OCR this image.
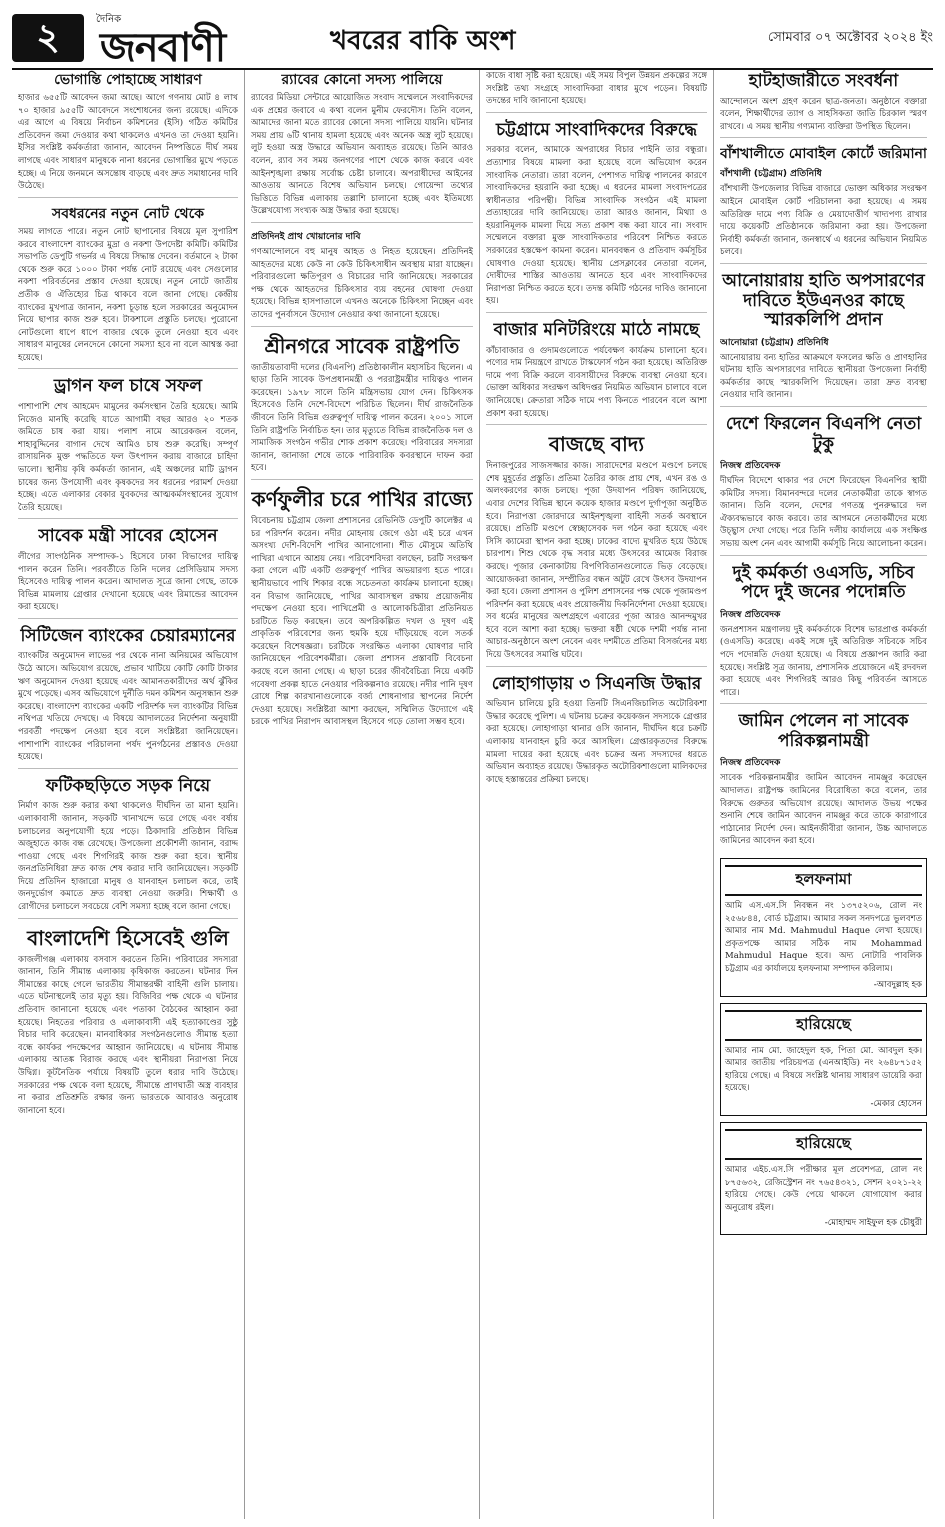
২	দৈনিক
জনবাণী	খবরের বাকি অংশ	সোমবার ০৭ অক্টোবর ২০২৪ ইং
ভোগান্তি পোহাচ্ছে সাধারণ

হাজার ৬৫৫টি আবেদন জমা আছে। আগে গণনায় মোট ৪ লাখ ৭০ হাজার ৯৫৫টি আবেদনে সংশোধনের জন্য রয়েছে। এদিকে এর আগে এ বিষয়ে নির্বাচন কমিশনের (ইসি) গঠিত কমিটির প্রতিবেদন জমা দেওয়ার কথা থাকলেও এখনও তা দেওয়া হয়নি। ইসির সংশ্লিষ্ট কর্মকর্তারা জানান, আবেদন নিষ্পত্তিতে দীর্ঘ সময় লাগছে এবং সাধারণ মানুষকে নানা ধরনের ভোগান্তির মুখে পড়তে হচ্ছে। এ নিয়ে জনমনে অসন্তোষ বাড়ছে এবং দ্রুত সমাধানের দাবি উঠেছে।

সবধরনের নতুন নোট থেকে

সময় লাগতে পারে। নতুন নোট ছাপানোর বিষয়ে মূল সুপারিশ করবে বাংলাদেশ ব্যাংকের মুদ্রা ও নকশা উপদেষ্টা কমিটি। কমিটির সভাপতি ডেপুটি গভর্নর এ বিষয়ে সিদ্ধান্ত দেবেন। বর্তমানে ২ টাকা থেকে শুরু করে ১০০০ টাকা পর্যন্ত নোট রয়েছে এবং সেগুলোর নকশা পরিবর্তনের প্রস্তাব দেওয়া হয়েছে। নতুন নোটে জাতীয় প্রতীক ও ঐতিহ্যের চিত্র থাকবে বলে জানা গেছে। কেন্দ্রীয় ব্যাংকের মুখপাত্র জানান, নকশা চূড়ান্ত হলে সরকারের অনুমোদন নিয়ে ছাপার কাজ শুরু হবে। টাকশালে প্রস্তুতি চলছে। পুরোনো নোটগুলো ধাপে ধাপে বাজার থেকে তুলে নেওয়া হবে এবং সাধারণ মানুষের লেনদেনে কোনো সমস্যা হবে না বলে আশ্বস্ত করা হয়েছে।

ড্রাগন ফল চাষে সফল

পাশাপাশি শেখ আহমেদ মামুনের কর্মসংস্থান তৈরি হয়েছে। আমি নিজেও মানছি করেছি যাতে আগামী বছর আরও ২০ শতক জমিতে চাষ করা যায়। পলাশ নামে আরেকজন বলেন, শাহাবুদ্দিনের বাগান দেখে আমিও চাষ শুরু করেছি। সম্পূর্ণ রাসায়নিক মুক্ত পদ্ধতিতে ফল উৎপাদন করায় বাজারে চাহিদা ভালো। স্থানীয় কৃষি কর্মকর্তা জানান, এই অঞ্চলের মাটি ড্রাগন চাষের জন্য উপযোগী এবং কৃষকদের সব ধরনের পরামর্শ দেওয়া হচ্ছে। এতে এলাকার বেকার যুবকদের আত্মকর্মসংস্থানের সুযোগ তৈরি হয়েছে।

সাবেক মন্ত্রী সাবের হোসেন

লীগের সাংগঠনিক সম্পাদক-১ হিসেবে ঢাকা বিভাগের দায়িত্ব পালন করেন তিনি। পরবর্তীতে তিনি দলের প্রেসিডিয়াম সদস্য হিসেবেও দায়িত্ব পালন করেন। আদালত সূত্রে জানা গেছে, তাকে বিভিন্ন মামলায় গ্রেপ্তার দেখানো হয়েছে এবং রিমান্ডের আবেদন করা হয়েছে।

সিটিজেন ব্যাংকের চেয়ারম্যানের

ব্যাংকটির অনুমোদন লাভের পর থেকে নানা অনিয়মের অভিযোগ উঠে আসে। অভিযোগ রয়েছে, প্রভাব খাটিয়ে কোটি কোটি টাকার ঋণ অনুমোদন দেওয়া হয়েছে এবং আমানতকারীদের অর্থ ঝুঁকির মুখে পড়েছে। এসব অভিযোগে দুর্নীতি দমন কমিশন অনুসন্ধান শুরু করেছে। বাংলাদেশ ব্যাংকের একটি পরিদর্শক দল ব্যাংকটির বিভিন্ন নথিপত্র খতিয়ে দেখছে। এ বিষয়ে আদালতের নির্দেশনা অনুযায়ী পরবর্তী পদক্ষেপ নেওয়া হবে বলে সংশ্লিষ্টরা জানিয়েছেন। পাশাপাশি ব্যাংকের পরিচালনা পর্ষদ পুনর্গঠনের প্রস্তাবও দেওয়া হয়েছে।

ফটিকছড়িতে সড়ক নিয়ে

নির্মাণ কাজ শুরু করার কথা থাকলেও দীর্ঘদিন তা মানা হয়নি। এলাকাবাসী জানান, সড়কটি খানাখন্দে ভরে গেছে এবং বর্ষায় চলাচলের অনুপযোগী হয়ে পড়ে। ঠিকাদারি প্রতিষ্ঠান বিভিন্ন অজুহাতে কাজ বন্ধ রেখেছে। উপজেলা প্রকৌশলী জানান, বরাদ্দ পাওয়া গেছে এবং শিগগিরই কাজ শুরু করা হবে। স্থানীয় জনপ্রতিনিধিরা দ্রুত কাজ শেষ করার দাবি জানিয়েছেন। সড়কটি দিয়ে প্রতিদিন হাজারো মানুষ ও যানবাহন চলাচল করে, তাই জনদুর্ভোগ কমাতে দ্রুত ব্যবস্থা নেওয়া জরুরি। শিক্ষার্থী ও রোগীদের চলাচলে সবচেয়ে বেশি সমস্যা হচ্ছে বলে জানা গেছে।

বাংলাদেশি হিসেবেই গুলি

কাজলীগঞ্জ এলাকায় বসবাস করতেন তিনি। পরিবারের সদস্যরা জানান, তিনি সীমান্ত এলাকায় কৃষিকাজ করতেন। ঘটনার দিন সীমান্তের কাছে গেলে ভারতীয় সীমান্তরক্ষী বাহিনী গুলি চালায়। এতে ঘটনাস্থলেই তার মৃত্যু হয়। বিজিবির পক্ষ থেকে এ ঘটনার প্রতিবাদ জানানো হয়েছে এবং পতাকা বৈঠকের আহ্বান করা হয়েছে। নিহতের পরিবার ও এলাকাবাসী এই হত্যাকাণ্ডের সুষ্ঠু বিচার দাবি করেছেন। মানবাধিকার সংগঠনগুলোও সীমান্ত হত্যা বন্ধে কার্যকর পদক্ষেপের আহ্বান জানিয়েছে। এ ঘটনায় সীমান্ত এলাকায় আতঙ্ক বিরাজ করছে এবং স্থানীয়রা নিরাপত্তা নিয়ে উদ্বিগ্ন। কূটনৈতিক পর্যায়ে বিষয়টি তুলে ধরার দাবি উঠেছে। সরকারের পক্ষ থেকে বলা হয়েছে, সীমান্তে প্রাণঘাতী অস্ত্র ব্যবহার না করার প্রতিশ্রুতি রক্ষার জন্য ভারতকে আবারও অনুরোধ জানানো হবে।

র‍্যাবের কোনো সদস্য পালিয়ে

র‍্যাবের মিডিয়া সেন্টারে আয়োজিত সংবাদ সম্মেলনে সংবাদিকদের এক প্রশ্নের জবাবে এ কথা বলেন মুনীম ফেরদৌস। তিনি বলেন, আমাদের জানা মতে র‍্যাবের কোনো সদস্য পালিয়ে যায়নি। ঘটনার সময় প্রায় ৬টি থানায় হামলা হয়েছে এবং অনেক অস্ত্র লুট হয়েছে। লুট হওয়া অস্ত্র উদ্ধারে অভিযান অব্যাহত রয়েছে। তিনি আরও বলেন, র‍্যাব সব সময় জনগণের পাশে থেকে কাজ করবে এবং আইনশৃঙ্খলা রক্ষায় সর্বোচ্চ চেষ্টা চালাবে। অপরাধীদের আইনের আওতায় আনতে বিশেষ অভিযান চলছে। গোয়েন্দা তথ্যের ভিত্তিতে বিভিন্ন এলাকায় তল্লাশি চালানো হচ্ছে এবং ইতিমধ্যে উল্লেখযোগ্য সংখ্যক অস্ত্র উদ্ধার করা হয়েছে।

প্রতিদিনই প্রাথ খোয়ানোর দাবি

গণআন্দোলনে বহু মানুষ আহত ও নিহত হয়েছেন। প্রতিদিনই আহতদের মধ্যে কেউ না কেউ চিকিৎসাধীন অবস্থায় মারা যাচ্ছেন। পরিবারগুলো ক্ষতিপূরণ ও বিচারের দাবি জানিয়েছে। সরকারের পক্ষ থেকে আহতদের চিকিৎসার ব্যয় বহনের ঘোষণা দেওয়া হয়েছে। বিভিন্ন হাসপাতালে এখনও অনেকে চিকিৎসা নিচ্ছেন এবং তাদের পুনর্বাসনে উদ্যোগ নেওয়ার কথা জানানো হয়েছে।

শ্রীনগরে সাবেক রাষ্ট্রপতি

জাতীয়তাবাদী দলের (বিএনপি) প্রতিষ্ঠাকালীন মহাসচিব ছিলেন। এ ছাড়া তিনি সাবেক উপপ্রধানমন্ত্রী ও পররাষ্ট্রমন্ত্রীর দায়িত্বও পালন করেছেন। ১৯৭৮ সালে তিনি মন্ত্রিসভায় যোগ দেন। চিকিৎসক হিসেবেও তিনি দেশে-বিদেশে পরিচিত ছিলেন। দীর্ঘ রাজনৈতিক জীবনে তিনি বিভিন্ন গুরুত্বপূর্ণ দায়িত্ব পালন করেন। ২০০১ সালে তিনি রাষ্ট্রপতি নির্বাচিত হন। তার মৃত্যুতে বিভিন্ন রাজনৈতিক দল ও সামাজিক সংগঠন গভীর শোক প্রকাশ করেছে। পরিবারের সদস্যরা জানান, জানাজা শেষে তাকে পারিবারিক কবরস্থানে দাফন করা হবে।

কর্ণফুলীর চরে পাখির রাজ্যে

বিবেচনায় চট্টগ্রাম জেলা প্রশাসনের রেভিনিউ ডেপুটি কালেক্টর এ চর পরিদর্শন করেন। নদীর মোহনায় জেগে ওঠা এই চরে এখন অসংখ্য দেশি-বিদেশি পাখির আনাগোনা। শীত মৌসুমে অতিথি পাখিরা এখানে আশ্রয় নেয়। পরিবেশবিদরা বলছেন, চরটি সংরক্ষণ করা গেলে এটি একটি গুরুত্বপূর্ণ পাখির অভয়ারণ্য হতে পারে। স্থানীয়ভাবে পাখি শিকার বন্ধে সচেতনতা কার্যক্রম চালানো হচ্ছে। বন বিভাগ জানিয়েছে, পাখির আবাসস্থল রক্ষায় প্রয়োজনীয় পদক্ষেপ নেওয়া হবে। পাখিপ্রেমী ও আলোকচিত্রীরা প্রতিনিয়ত চরটিতে ভিড় করছেন। তবে অপরিকল্পিত দখল ও দূষণ এই প্রাকৃতিক পরিবেশের জন্য হুমকি হয়ে দাঁড়িয়েছে বলে সতর্ক করেছেন বিশেষজ্ঞরা। চরটিকে সংরক্ষিত এলাকা ঘোষণার দাবি জানিয়েছেন পরিবেশকর্মীরা। জেলা প্রশাসন প্রস্তাবটি বিবেচনা করছে বলে জানা গেছে। এ ছাড়া চরের জীববৈচিত্র্য নিয়ে একটি গবেষণা প্রকল্প হাতে নেওয়ার পরিকল্পনাও রয়েছে। নদীর পানি দূষণ রোধে শিল্প কারখানাগুলোকে বর্জ্য শোধনাগার স্থাপনের নির্দেশ দেওয়া হয়েছে। সংশ্লিষ্টরা আশা করছেন, সম্মিলিত উদ্যোগে এই চরকে পাখির নিরাপদ আবাসস্থল হিসেবে গড়ে তোলা সম্ভব হবে।

কাজে বাধা সৃষ্টি করা হয়েছে। এই সময় বিপুল উন্নয়ন প্রকল্পের সঙ্গে সংশ্লিষ্ট তথ্য সংগ্রহে সাংবাদিকরা বাধার মুখে পড়েন। বিষয়টি তদন্তের দাবি জানানো হয়েছে।

চট্টগ্রামে সাংবাদিকদের বিরুদ্ধে

সরকার বলেন, আমাকে অপরাধের বিচার পাইনি তার বন্ধুরা। প্রত্যাশার বিষয়ে মামলা করা হয়েছে বলে অভিযোগ করেন সাংবাদিক নেতারা। তারা বলেন, পেশাগত দায়িত্ব পালনের কারণে সাংবাদিকদের হয়রানি করা হচ্ছে। এ ধরনের মামলা সংবাদপত্রের স্বাধীনতার পরিপন্থী। বিভিন্ন সাংবাদিক সংগঠন এই মামলা প্রত্যাহারের দাবি জানিয়েছে। তারা আরও জানান, মিথ্যা ও হয়রানিমূলক মামলা দিয়ে সত্য প্রকাশ বন্ধ করা যাবে না। সংবাদ সম্মেলনে বক্তারা মুক্ত সাংবাদিকতার পরিবেশ নিশ্চিত করতে সরকারের হস্তক্ষেপ কামনা করেন। মানববন্ধন ও প্রতিবাদ কর্মসূচির ঘোষণাও দেওয়া হয়েছে। স্থানীয় প্রেসক্লাবের নেতারা বলেন, দোষীদের শাস্তির আওতায় আনতে হবে এবং সাংবাদিকদের নিরাপত্তা নিশ্চিত করতে হবে। তদন্ত কমিটি গঠনের দাবিও জানানো হয়।

বাজার মনিটরিংয়ে মাঠে নামছে

কাঁচাবাজার ও গুদামগুলোতে পর্যবেক্ষণ কার্যক্রম চালানো হবে। পণ্যের দাম নিয়ন্ত্রণে রাখতে টাস্কফোর্স গঠন করা হয়েছে। অতিরিক্ত দামে পণ্য বিক্রি করলে ব্যবসায়ীদের বিরুদ্ধে ব্যবস্থা নেওয়া হবে। ভোক্তা অধিকার সংরক্ষণ অধিদপ্তর নিয়মিত অভিযান চালাবে বলে জানিয়েছে। ক্রেতারা সঠিক দামে পণ্য কিনতে পারবেন বলে আশা প্রকাশ করা হয়েছে।

বাজছে বাদ্য

দিনাজপুরের সাজসজ্জার কাজ। সারাদেশের মণ্ডপে মণ্ডপে চলছে শেষ মুহূর্তের প্রস্তুতি। প্রতিমা তৈরির কাজ প্রায় শেষ, এখন রঙ ও অলংকরণের কাজ চলছে। পূজা উদযাপন পরিষদ জানিয়েছে, এবার দেশের বিভিন্ন স্থানে কয়েক হাজার মণ্ডপে দুর্গাপূজা অনুষ্ঠিত হবে। নিরাপত্তা জোরদারে আইনশৃঙ্খলা বাহিনী সতর্ক অবস্থানে রয়েছে। প্রতিটি মণ্ডপে স্বেচ্ছাসেবক দল গঠন করা হয়েছে এবং সিসি ক্যামেরা স্থাপন করা হচ্ছে। ঢাকের বাদ্যে মুখরিত হয়ে উঠছে চারপাশ। শিশু থেকে বৃদ্ধ সবার মধ্যে উৎসবের আমেজ বিরাজ করছে। পূজার কেনাকাটায় বিপণিবিতানগুলোতে ভিড় বেড়েছে। আয়োজকরা জানান, সম্প্রীতির বন্ধন অটুট রেখে উৎসব উদযাপন করা হবে। জেলা প্রশাসন ও পুলিশ প্রশাসনের পক্ষ থেকে পূজামণ্ডপ পরিদর্শন করা হয়েছে এবং প্রয়োজনীয় দিকনির্দেশনা দেওয়া হয়েছে। সব ধর্মের মানুষের অংশগ্রহণে এবারের পূজা আরও আনন্দমুখর হবে বলে আশা করা হচ্ছে। ভক্তরা ষষ্ঠী থেকে দশমী পর্যন্ত নানা আচার-অনুষ্ঠানে অংশ নেবেন এবং দশমীতে প্রতিমা বিসর্জনের মধ্য দিয়ে উৎসবের সমাপ্তি ঘটবে।

লোহাগাড়ায় ৩ সিএনজি উদ্ধার

অভিযান চালিয়ে চুরি হওয়া তিনটি সিএনজিচালিত অটোরিকশা উদ্ধার করেছে পুলিশ। এ ঘটনায় চক্রের কয়েকজন সদস্যকে গ্রেপ্তার করা হয়েছে। লোহাগাড়া থানার ওসি জানান, দীর্ঘদিন ধরে চক্রটি এলাকায় যানবাহন চুরি করে আসছিল। গ্রেপ্তারকৃতদের বিরুদ্ধে মামলা দায়ের করা হয়েছে এবং চক্রের অন্য সদস্যদের ধরতে অভিযান অব্যাহত রয়েছে। উদ্ধারকৃত অটোরিকশাগুলো মালিকদের কাছে হস্তান্তরের প্রক্রিয়া চলছে।

হাটহাজারীতে সংবর্ধনা

আন্দোলনে অংশ গ্রহণ করেন ছাত্র-জনতা। অনুষ্ঠানে বক্তারা বলেন, শিক্ষার্থীদের ত্যাগ ও সাহসিকতা জাতি চিরকাল স্মরণ রাখবে। এ সময় স্থানীয় গণ্যমান্য ব্যক্তিরা উপস্থিত ছিলেন।

বাঁশখালীতে মোবাইল কোর্টে জরিমানা
বাঁশখালী (চট্টগ্রাম) প্রতিনিধি

বাঁশখালী উপজেলার বিভিন্ন বাজারে ভোক্তা অধিকার সংরক্ষণ আইনে মোবাইল কোর্ট পরিচালনা করা হয়েছে। এ সময় অতিরিক্ত দামে পণ্য বিক্রি ও মেয়াদোত্তীর্ণ খাদ্যপণ্য রাখার দায়ে কয়েকটি প্রতিষ্ঠানকে জরিমানা করা হয়। উপজেলা নির্বাহী কর্মকর্তা জানান, জনস্বার্থে এ ধরনের অভিযান নিয়মিত চলবে।

আনোয়ারায় হাতি অপসারণের দাবিতে ইউএনওর কাছে স্মারকলিপি প্রদান
আনোয়ারা (চট্টগ্রাম) প্রতিনিধি

আনোয়ারায় বন্য হাতির আক্রমণে ফসলের ক্ষতি ও প্রাণহানির ঘটনায় হাতি অপসারণের দাবিতে স্থানীয়রা উপজেলা নির্বাহী কর্মকর্তার কাছে স্মারকলিপি দিয়েছেন। তারা দ্রুত ব্যবস্থা নেওয়ার দাবি জানান।

দেশে ফিরলেন বিএনপি নেতা টুকু
নিজস্ব প্রতিবেদক

দীর্ঘদিন বিদেশে থাকার পর দেশে ফিরেছেন বিএনপির স্থায়ী কমিটির সদস্য। বিমানবন্দরে দলের নেতাকর্মীরা তাকে স্বাগত জানান। তিনি বলেন, দেশের গণতন্ত্র পুনরুদ্ধারে দল ঐক্যবদ্ধভাবে কাজ করবে। তার আগমনে নেতাকর্মীদের মধ্যে উচ্ছ্বাস দেখা গেছে। পরে তিনি দলীয় কার্যালয়ে এক সংক্ষিপ্ত সভায় অংশ নেন এবং আগামী কর্মসূচি নিয়ে আলোচনা করেন।

দুই কর্মকর্তা ওএসডি, সচিব পদে দুই জনের পদোন্নতি
নিজস্ব প্রতিবেদক

জনপ্রশাসন মন্ত্রণালয় দুই কর্মকর্তাকে বিশেষ ভারপ্রাপ্ত কর্মকর্তা (ওএসডি) করেছে। একই সঙ্গে দুই অতিরিক্ত সচিবকে সচিব পদে পদোন্নতি দেওয়া হয়েছে। এ বিষয়ে প্রজ্ঞাপন জারি করা হয়েছে। সংশ্লিষ্ট সূত্র জানায়, প্রশাসনিক প্রয়োজনে এই রদবদল করা হয়েছে এবং শিগগিরই আরও কিছু পরিবর্তন আসতে পারে।

জামিন পেলেন না সাবেক পরিকল্পনামন্ত্রী
নিজস্ব প্রতিবেদক

সাবেক পরিকল্পনামন্ত্রীর জামিন আবেদন নামঞ্জুর করেছেন আদালত। রাষ্ট্রপক্ষ জামিনের বিরোধিতা করে বলেন, তার বিরুদ্ধে গুরুতর অভিযোগ রয়েছে। আদালত উভয় পক্ষের শুনানি শেষে জামিন আবেদন নামঞ্জুর করে তাকে কারাগারে পাঠানোর নির্দেশ দেন। আইনজীবীরা জানান, উচ্চ আদালতে জামিনের আবেদন করা হবে।

হলফনামা

আমি এস.এস.সি নিবন্ধন নং ১৩৭৫২০৬, রোল নং ২৫৬৮৪৪, বোর্ড চট্টগ্রাম। আমার সকল সনদপত্রে ভুলবশত আমার নাম Md. Mahmudul Haque লেখা হয়েছে। প্রকৃতপক্ষে আমার সঠিক নাম Mohammad Mahmudul Haque হবে। অদ্য নোটারি পাবলিক চট্টগ্রাম এর কার্যালয়ে হলফনামা সম্পাদন করিলাম।

-আবদুল্লাহ হক
হারিয়েছে

আমার নাম মো. জাহেদুল হক, পিতা মো. আবদুল হক। আমার জাতীয় পরিচয়পত্র (এনআইডি) নং ২৬৪৮৭১৫২ হারিয়ে গেছে। এ বিষয়ে সংশ্লিষ্ট থানায় সাধারণ ডায়েরি করা হয়েছে।

-মেকার হোসেন
হারিয়েছে

আমার এইচ.এস.সি পরীক্ষার মূল প্রবেশপত্র, রোল নং ৮৭৫৬৩২, রেজিস্ট্রেশন নং ৭৬৫৪৩২১, সেশন ২০২১-২২ হারিয়ে গেছে। কেউ পেয়ে থাকলে যোগাযোগ করার অনুরোধ রইল।

-মোহাম্মদ সাইফুল হক চৌধুরী
